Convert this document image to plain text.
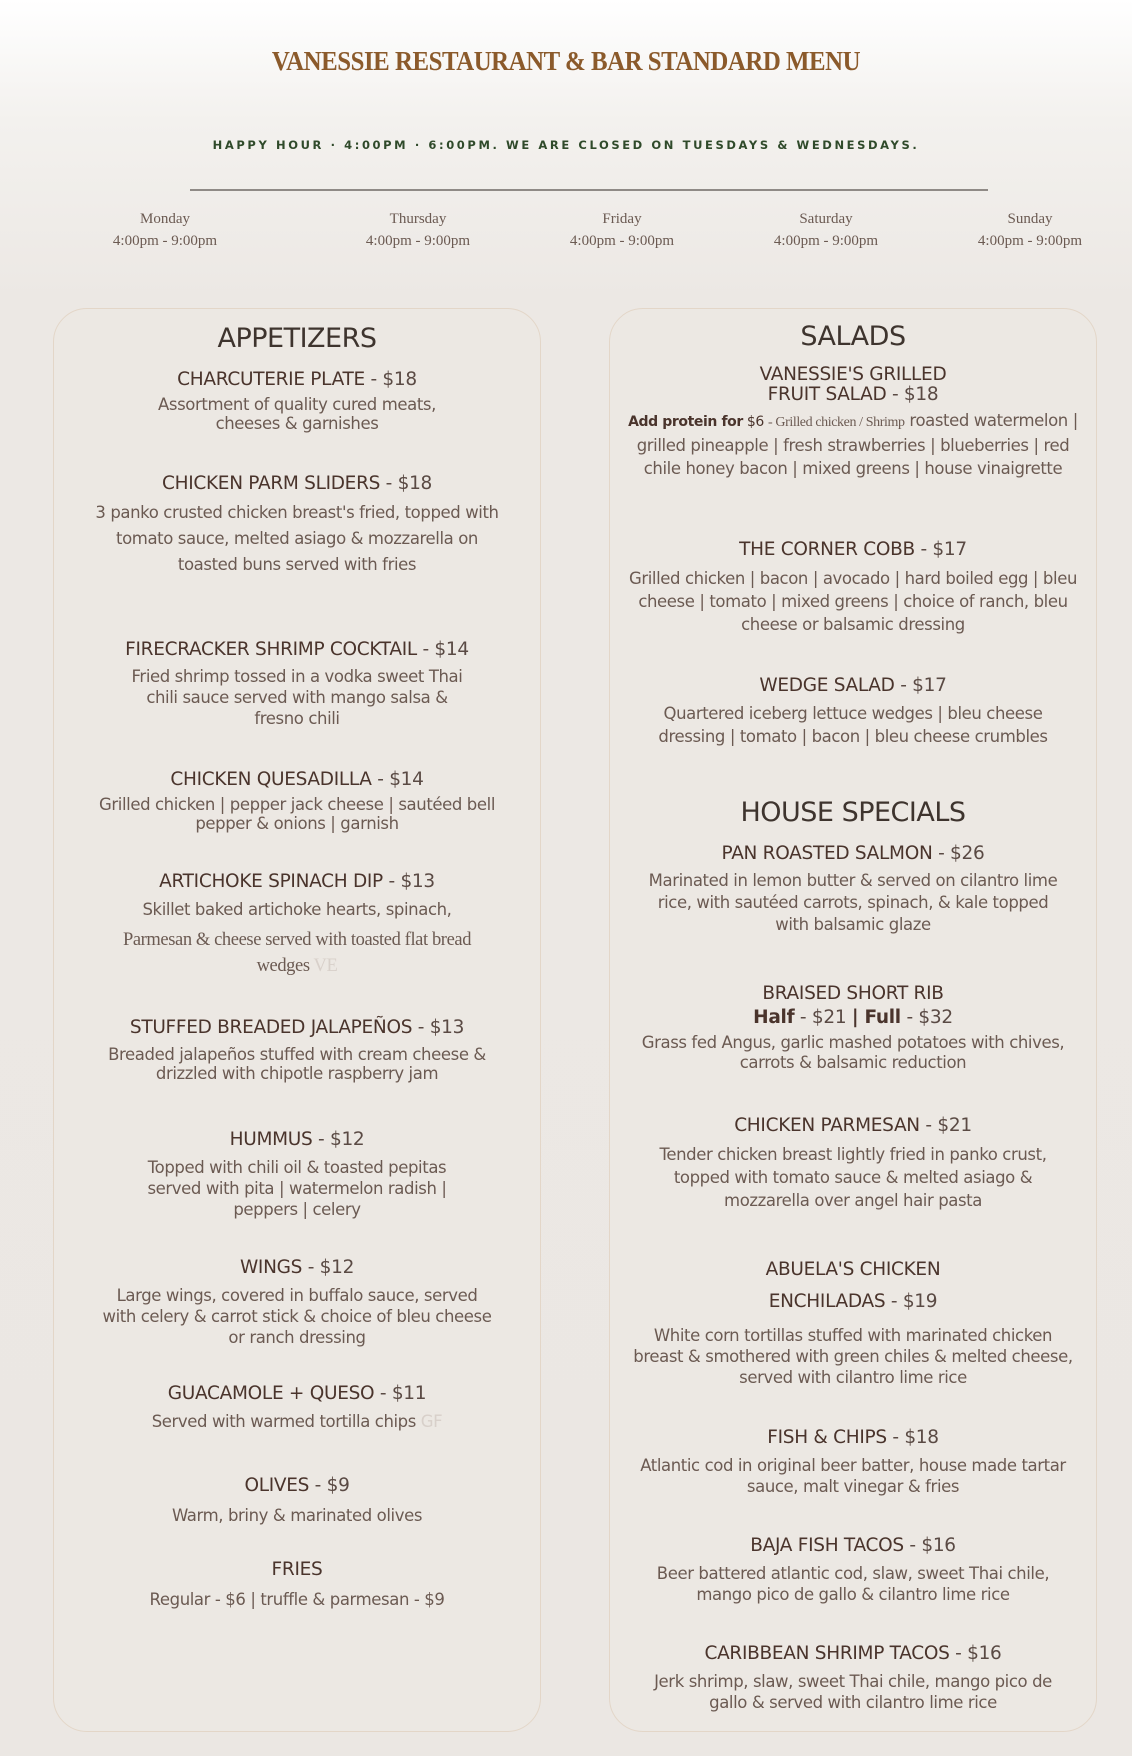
VANESSIE RESTAURANT & BAR STANDARD MENU
HAPPY HOUR · 4:00PM · 6:00PM. WE ARE CLOSED ON TUESDAYS & WEDNESDAYS.
Monday
4:00pm - 9:00pm
Thursday
4:00pm - 9:00pm
Friday
4:00pm - 9:00pm
Saturday
4:00pm - 9:00pm
Sunday
4:00pm - 9:00pm
APPETIZERS
CHARCUTERIE PLATE - $18
Assortment of quality cured meats, cheeses & garnishes
CHICKEN PARM SLIDERS - $18
3 panko crusted chicken breast's fried, topped with tomato sauce, melted asiago & mozzarella on toasted buns served with fries
FIRECRACKER SHRIMP COCKTAIL - $14
Fried shrimp tossed in a vodka sweet Thai chili sauce served with mango salsa & fresno chili
CHICKEN QUESADILLA - $14
Grilled chicken | pepper jack cheese | sautéed bell pepper & onions | garnish
ARTICHOKE SPINACH DIP - $13
Skillet baked artichoke hearts, spinach,
Parmesan & cheese served with toasted flat bread wedges VE
STUFFED BREADED JALAPEÑOS - $13
Breaded jalapeños stuffed with cream cheese & drizzled with chipotle raspberry jam
HUMMUS - $12
Topped with chili oil & toasted pepitas served with pita | watermelon radish | peppers | celery
WINGS - $12
Large wings, covered in buffalo sauce, served with celery & carrot stick & choice of bleu cheese or ranch dressing
GUACAMOLE + QUESO - $11
Served with warmed tortilla chips GF
OLIVES - $9
Warm, briny & marinated olives
FRIES
Regular - $6 | truffle & parmesan - $9
SALADS
VANESSIE'S GRILLED
FRUIT SALAD - $18
Add protein for $6 - Grilled chicken / Shrimp roasted watermelon | grilled pineapple | fresh strawberries | blueberries | red chile honey bacon | mixed greens | house vinaigrette
THE CORNER COBB - $17
Grilled chicken | bacon | avocado | hard boiled egg | bleu cheese | tomato | mixed greens | choice of ranch, bleu cheese or balsamic dressing
WEDGE SALAD - $17
Quartered iceberg lettuce wedges | bleu cheese dressing | tomato | bacon | bleu cheese crumbles
HOUSE SPECIALS
PAN ROASTED SALMON - $26
Marinated in lemon butter & served on cilantro lime rice, with sautéed carrots, spinach, & kale topped with balsamic glaze
BRAISED SHORT RIB
Half - $21 | Full - $32
Grass fed Angus, garlic mashed potatoes with chives, carrots & balsamic reduction
CHICKEN PARMESAN - $21
Tender chicken breast lightly fried in panko crust, topped with tomato sauce & melted asiago & mozzarella over angel hair pasta
ABUELA'S CHICKEN
ENCHILADAS - $19
White corn tortillas stuffed with marinated chicken breast & smothered with green chiles & melted cheese, served with cilantro lime rice
FISH & CHIPS - $18
Atlantic cod in original beer batter, house made tartar sauce, malt vinegar & fries
BAJA FISH TACOS - $16
Beer battered atlantic cod, slaw, sweet Thai chile, mango pico de gallo & cilantro lime rice
CARIBBEAN SHRIMP TACOS - $16
Jerk shrimp, slaw, sweet Thai chile, mango pico de gallo & served with cilantro lime rice
